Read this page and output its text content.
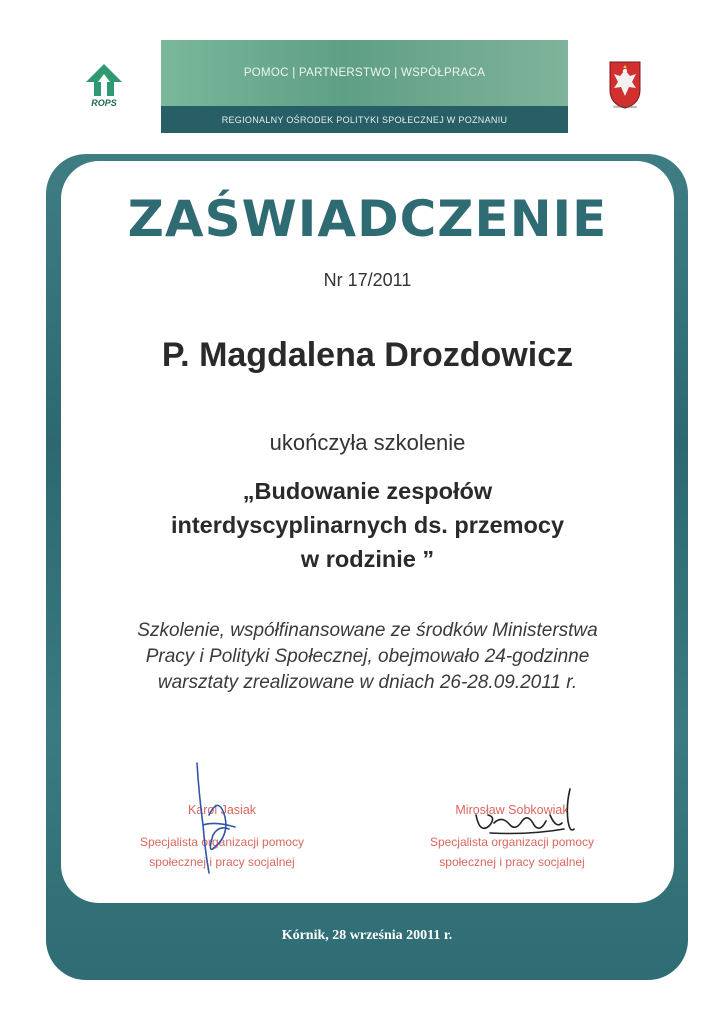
ROPS
POMOC | PARTNERSTWO | WSPÓŁPRACA
REGIONALNY OŚRODEK POLITYKI SPOŁECZNEJ W POZNANIU
Wielkopolska
ZAŚWIADCZENIE
Nr 17/2011
P. Magdalena Drozdowicz
ukończyła szkolenie
„Budowanie zespołów
interdyscyplinarnych ds. przemocy
w rodzinie ”
Szkolenie, współfinansowane ze środków Ministerstwa
Pracy i Polityki Społecznej, obejmowało 24-godzinne
warsztaty zrealizowane w dniach 26-28.09.2011 r.
Karol Jasiak
Specjalista organizacji pomocy
społecznej i pracy socjalnej
Mirosław Sobkowiak
Specjalista organizacji pomocy
społecznej i pracy socjalnej
Kórnik, 28 września 20011 r.
